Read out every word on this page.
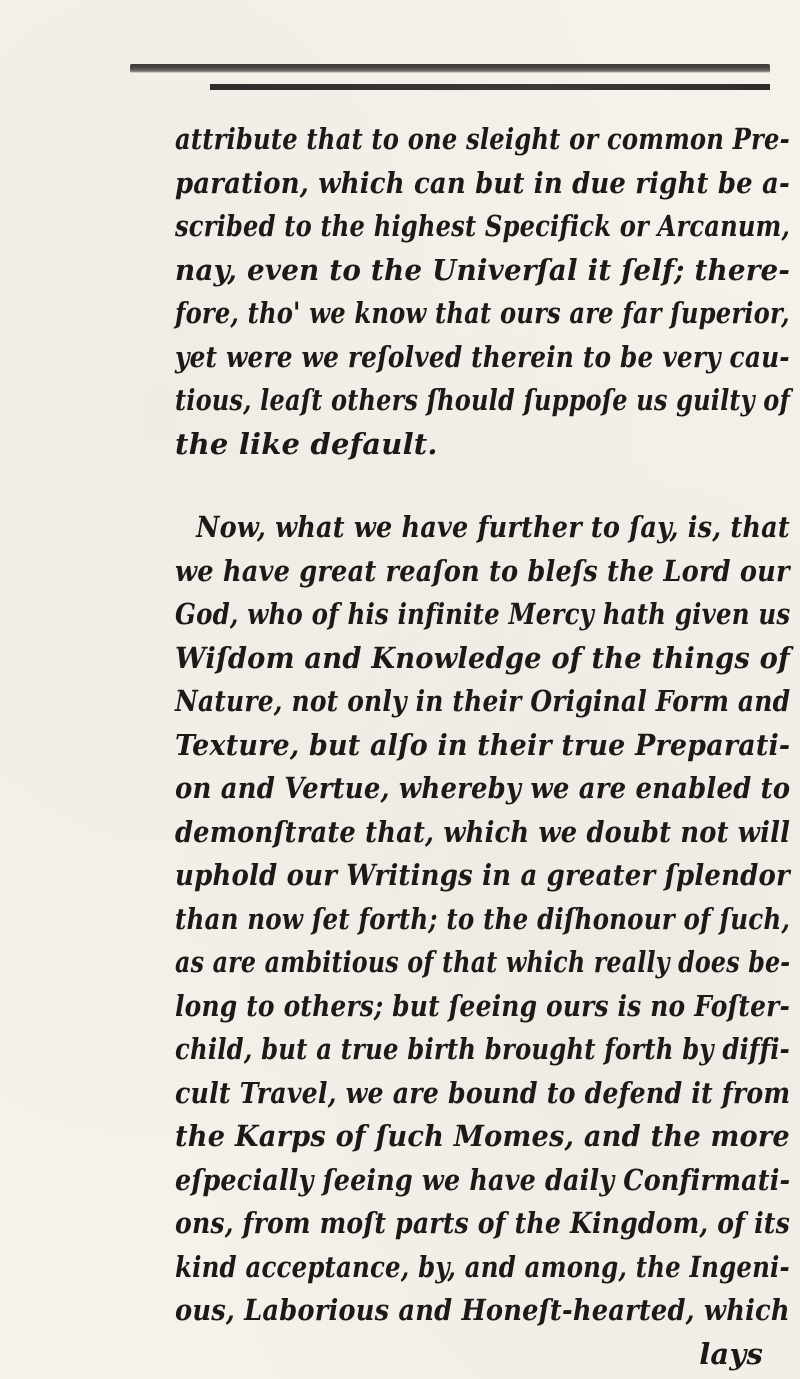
attribute that to one sleight or common Pre-
paration, which can but in due right be a-
scribed to the highest Specifick or Arcanum,
nay, even to the Univerſal it ſelf; there-
fore, tho' we know that ours are far ſuperior,
yet were we reſolved therein to be very cau-
tious, leaſt others ſhould ſuppoſe us guilty of
the like default.

Now, what we have further to ſay, is, that
we have great reaſon to bleſs the Lord our
God, who of his infinite Mercy hath given us
Wiſdom and Knowledge of the things of
Nature, not only in their Original Form and
Texture, but alſo in their true Preparati-
on and Vertue, whereby we are enabled to
demonſtrate that, which we doubt not will
uphold our Writings in a greater ſplendor
than now ſet forth; to the diſhonour of ſuch,
as are ambitious of that which really does be-
long to others; but ſeeing ours is no Foſter-
child, but a true birth brought forth by diffi-
cult Travel, we are bound to defend it from
the Karps of ſuch Momes, and the more
eſpecially ſeeing we have daily Confirmati-
ons, from moſt parts of the Kingdom, of its
kind acceptance, by, and among, the Ingeni-
ous, Laborious and Honeſt-hearted, which
lays
